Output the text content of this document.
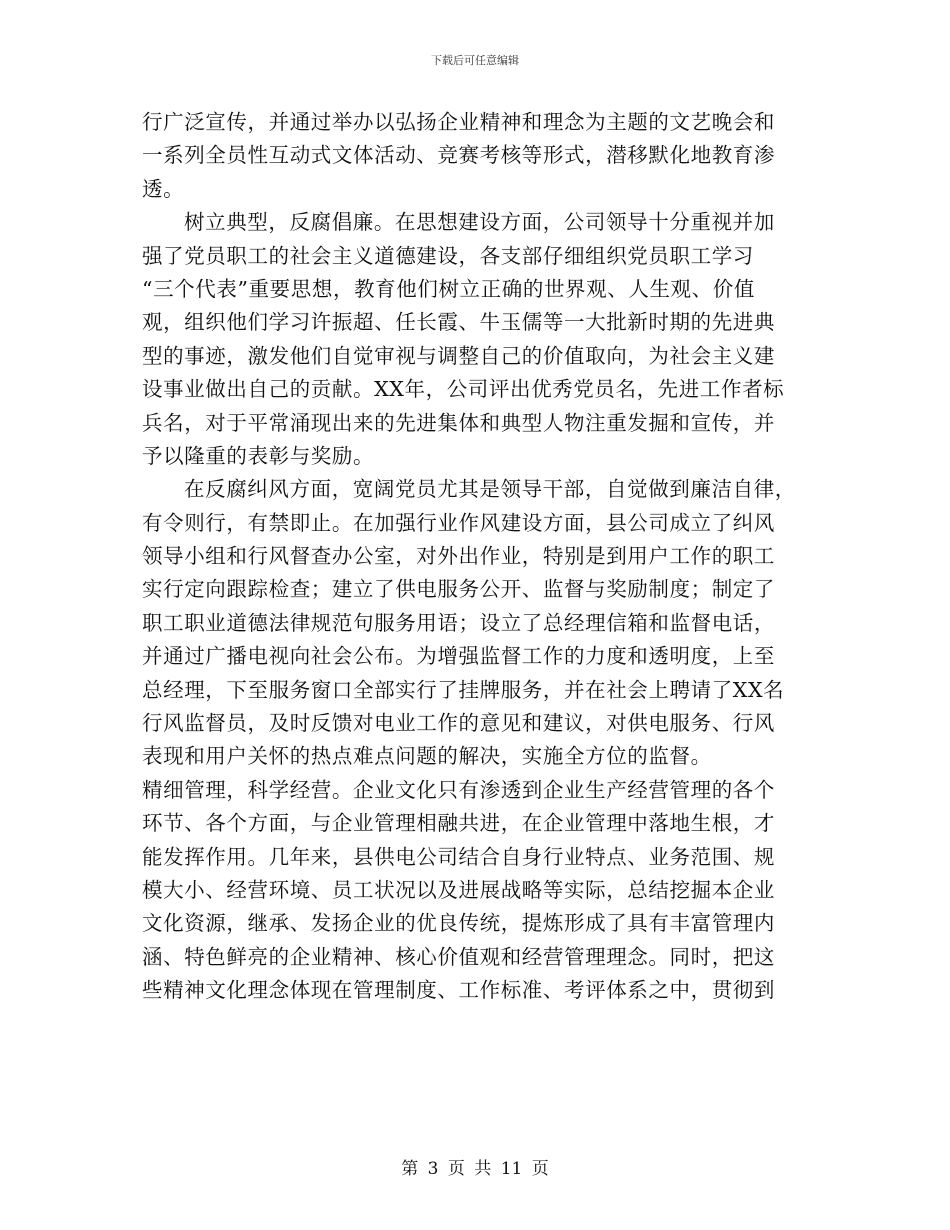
下载后可任意编辑
行广泛宣传，并通过举办以弘扬企业精神和理念为主题的文艺晚会和
一系列全员性互动式文体活动、竞赛考核等形式，潜移默化地教育渗
透。
树立典型，反腐倡廉。在思想建设方面，公司领导十分重视并加
强了党员职工的社会主义道德建设，各支部仔细组织党员职工学习
“三个代表”重要思想，教育他们树立正确的世界观、人生观、价值
观，组织他们学习许振超、任长霞、牛玉儒等一大批新时期的先进典
型的事迹，激发他们自觉审视与调整自己的价值取向，为社会主义建
设事业做出自己的贡献。XX年，公司评出优秀党员名，先进工作者标
兵名，对于平常涌现出来的先进集体和典型人物注重发掘和宣传，并
予以隆重的表彰与奖励。
在反腐纠风方面，宽阔党员尤其是领导干部，自觉做到廉洁自律，
有令则行，有禁即止。在加强行业作风建设方面，县公司成立了纠风
领导小组和行风督查办公室，对外出作业，特别是到用户工作的职工
实行定向跟踪检查；建立了供电服务公开、监督与奖励制度；制定了
职工职业道德法律规范句服务用语；设立了总经理信箱和监督电话，
并通过广播电视向社会公布。为增强监督工作的力度和透明度，上至
总经理，下至服务窗口全部实行了挂牌服务，并在社会上聘请了XX名
行风监督员，及时反馈对电业工作的意见和建议，对供电服务、行风
表现和用户关怀的热点难点问题的解决，实施全方位的监督。
精细管理，科学经营。企业文化只有渗透到企业生产经营管理的各个
环节、各个方面，与企业管理相融共进，在企业管理中落地生根，才
能发挥作用。几年来，县供电公司结合自身行业特点、业务范围、规
模大小、经营环境、员工状况以及进展战略等实际，总结挖掘本企业
文化资源，继承、发扬企业的优良传统，提炼形成了具有丰富管理内
涵、特色鲜亮的企业精神、核心价值观和经营管理理念。同时，把这
些精神文化理念体现在管理制度、工作标准、考评体系之中，贯彻到
第 3 页 共 11 页
